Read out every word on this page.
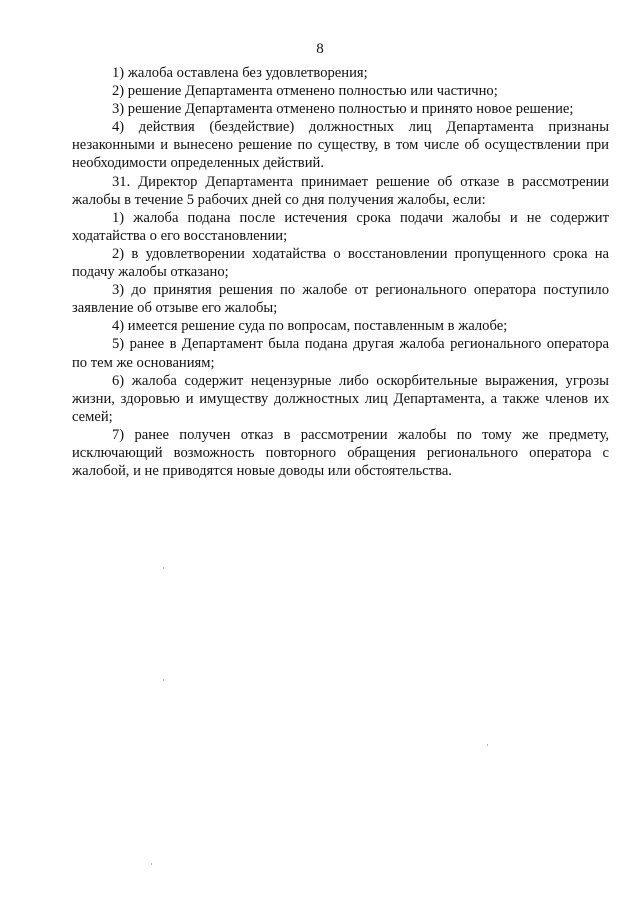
8

1) жалоба оставлена без удовлетворения;

2) решение Департамента отменено полностью или частично;

3) решение Департамента отменено полностью и принято новое решение;

4) действия (бездействие) должностных лиц Департамента признаны незаконными и вынесено решение по существу, в том числе об осуществлении при необходимости определенных действий.

31. Директор Департамента принимает решение об отказе в рассмотрении жалобы в течение 5 рабочих дней со дня получения жалобы, если:

1) жалоба подана после истечения срока подачи жалобы и не содержит ходатайства о его восстановлении;

2) в удовлетворении ходатайства о восстановлении пропущенного срока на подачу жалобы отказано;

3) до принятия решения по жалобе от регионального оператора поступило заявление об отзыве его жалобы;

4) имеется решение суда по вопросам, поставленным в жалобе;

5) ранее в Департамент была подана другая жалоба регионального оператора по тем же основаниям;

6) жалоба содержит нецензурные либо оскорбительные выражения, угрозы жизни, здоровью и имуществу должностных лиц Департамента, а также членов их семей;

7) ранее получен отказ в рассмотрении жалобы по тому же предмету, исключающий возможность повторного обращения регионального оператора с жалобой, и не приводятся новые доводы или обстоятельства.
